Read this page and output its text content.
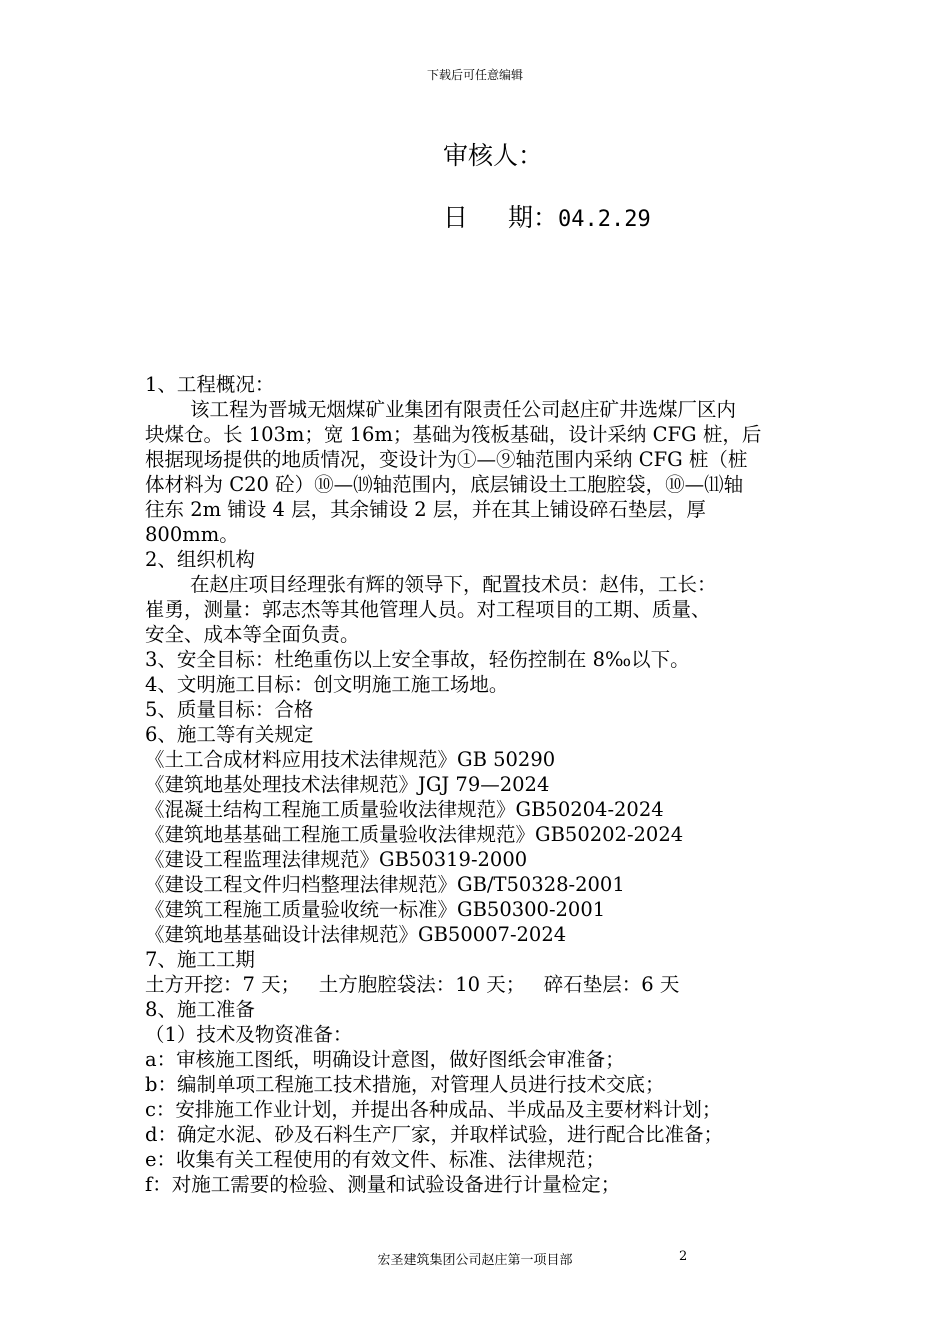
下载后可任意编辑
审核人：
日 期：04.2.29
1、工程概况：
该工程为晋城无烟煤矿业集团有限责任公司赵庄矿井选煤厂区内
块煤仓。长 103m；宽 16m；基础为筏板基础，设计采纳 CFG 桩，后
根据现场提供的地质情况，变设计为①—⑨轴范围内采纳 CFG 桩（桩
体材料为 C20 砼）⑩—⒆轴范围内，底层铺设土工胞腔袋，⑩—⑾轴
往东 2m 铺设 4 层，其余铺设 2 层，并在其上铺设碎石垫层，厚
800mm。
2、组织机构
在赵庄项目经理张有辉的领导下，配置技术员：赵伟，工长：
崔勇，测量：郭志杰等其他管理人员。对工程项目的工期、质量、
安全、成本等全面负责。
3、安全目标：杜绝重伤以上安全事故，轻伤控制在 8‰以下。
4、文明施工目标：创文明施工施工场地。
5、质量目标：合格
6、施工等有关规定
《土工合成材料应用技术法律规范》GB 50290
《建筑地基处理技术法律规范》JGJ 79—2024
《混凝土结构工程施工质量验收法律规范》GB50204-2024
《建筑地基基础工程施工质量验收法律规范》GB50202-2024
《建设工程监理法律规范》GB50319-2000
《建设工程文件归档整理法律规范》GB/T50328-2001
《建筑工程施工质量验收统一标准》GB50300-2001
《建筑地基基础设计法律规范》GB50007-2024
7、施工工期
土方开挖：7 天；   土方胞腔袋法：10 天；   碎石垫层：6 天
8、施工准备
（1）技术及物资准备：
a：审核施工图纸，明确设计意图，做好图纸会审准备；
b：编制单项工程施工技术措施，对管理人员进行技术交底；
c：安排施工作业计划，并提出各种成品、半成品及主要材料计划；
d：确定水泥、砂及石料生产厂家，并取样试验，进行配合比准备；
e：收集有关工程使用的有效文件、标准、法律规范；
f：对施工需要的检验、测量和试验设备进行计量检定；
宏圣建筑集团公司赵庄第一项目部	2
